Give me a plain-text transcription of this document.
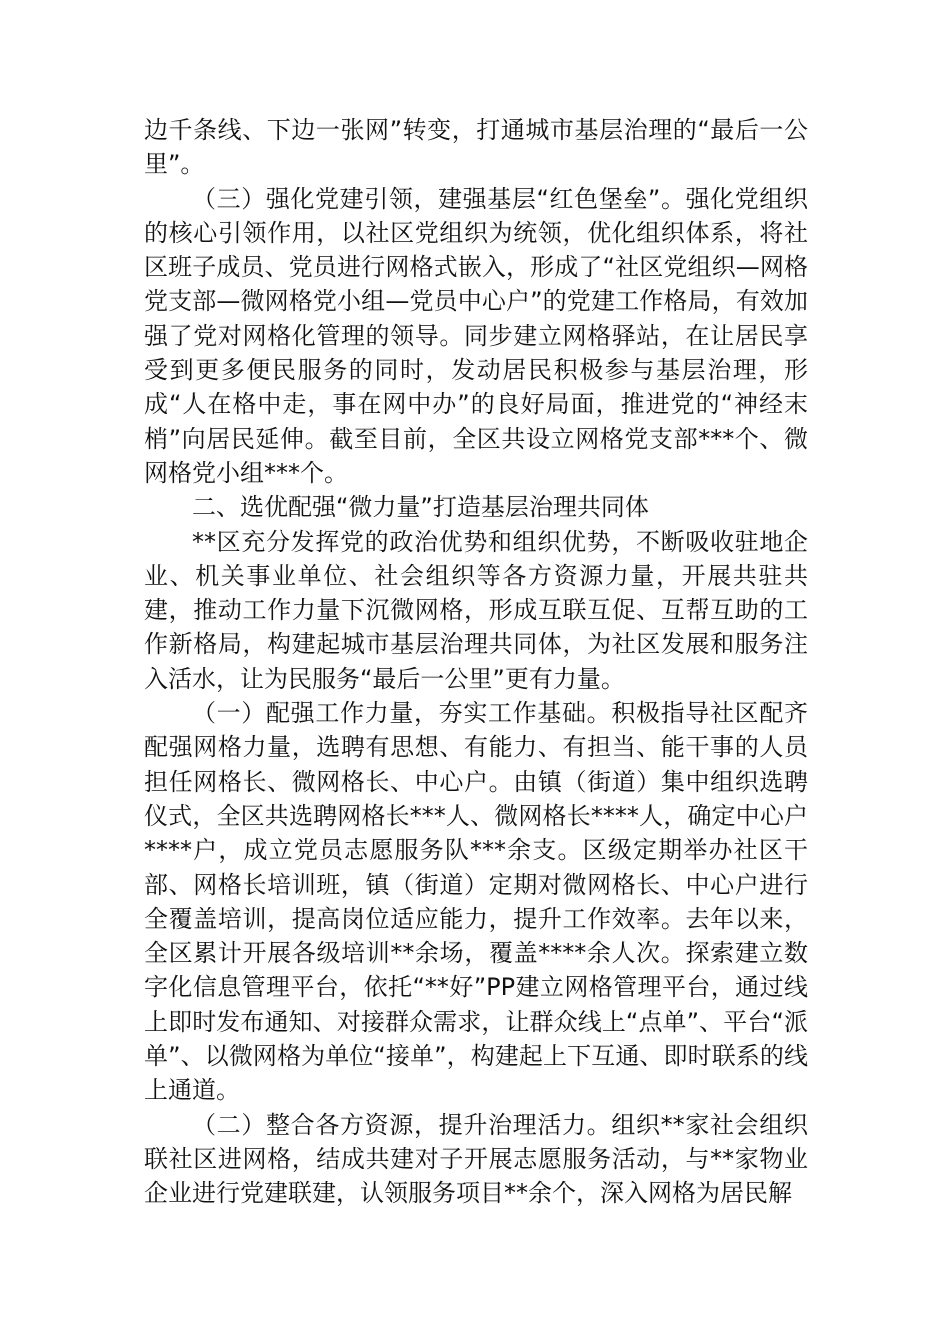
边千条线、下边一张网”转变，打通城市基层治理的“最后一公里”。

（三）强化党建引领，建强基层“红色堡垒”。强化党组织的核心引领作用，以社区党组织为统领，优化组织体系，将社区班子成员、党员进行网格式嵌入，形成了“社区党组织—网格党支部—微网格党小组—党员中心户”的党建工作格局，有效加强了党对网格化管理的领导。同步建立网格驿站，在让居民享受到更多便民服务的同时，发动居民积极参与基层治理，形成“人在格中走，事在网中办”的良好局面，推进党的“神经末梢”向居民延伸。截至目前，全区共设立网格党支部***个、微网格党小组***个。

二、选优配强“微力量”打造基层治理共同体

**区充分发挥党的政治优势和组织优势，不断吸收驻地企业、机关事业单位、社会组织等各方资源力量，开展共驻共建，推动工作力量下沉微网格，形成互联互促、互帮互助的工作新格局，构建起城市基层治理共同体，为社区发展和服务注入活水，让为民服务“最后一公里”更有力量。

（一）配强工作力量，夯实工作基础。积极指导社区配齐配强网格力量，选聘有思想、有能力、有担当、能干事的人员担任网格长、微网格长、中心户。由镇（街道）集中组织选聘仪式，全区共选聘网格长***人、微网格长****人，确定中心户****户，成立党员志愿服务队***余支。区级定期举办社区干部、网格长培训班，镇（街道）定期对微网格长、中心户进行全覆盖培训，提高岗位适应能力，提升工作效率。去年以来，全区累计开展各级培训**余场，覆盖****余人次。探索建立数字化信息管理平台，依托“**好”PP建立网格管理平台，通过线上即时发布通知、对接群众需求，让群众线上“点单”、平台“派单”、以微网格为单位“接单”，构建起上下互通、即时联系的线上通道。

（二）整合各方资源，提升治理活力。组织**家社会组织联社区进网格，结成共建对子开展志愿服务活动，与**家物业企业进行党建联建，认领服务项目**余个，深入网格为居民解
